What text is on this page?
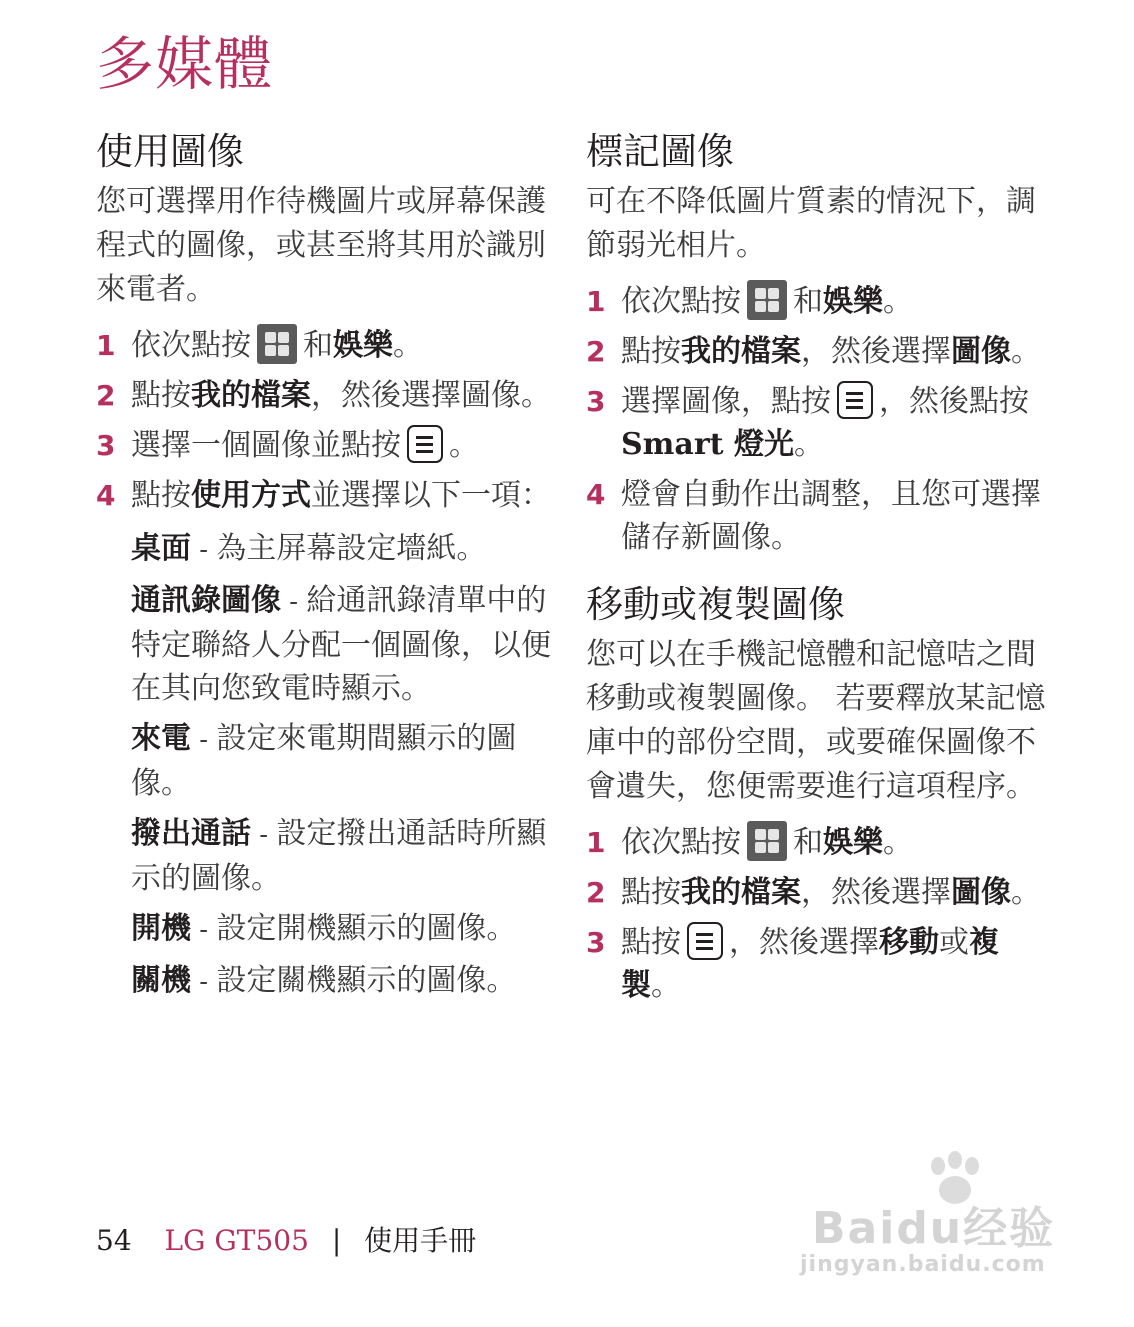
多媒體
使用圖像

您可選擇用作待機圖片或屏幕保護程式的圖像，或甚至將其用於識別來電者。

1 依次點按 和娛樂。
2 點按我的檔案，然後選擇圖像。
3 選擇一個圖像並點按 。
4 點按使用方式並選擇以下一項：
桌面 - 為主屏幕設定墻紙。
通訊錄圖像 - 給通訊錄清單中的特定聯絡人分配一個圖像，以便在其向您致電時顯示。
來電 - 設定來電期間顯示的圖像。
撥出通話 - 設定撥出通話時所顯示的圖像。
開機 - 設定開機顯示的圖像。
關機 - 設定關機顯示的圖像。
標記圖像

可在不降低圖片質素的情況下，調節弱光相片。

1 依次點按 和娛樂。
2 點按我的檔案，然後選擇圖像。
3 選擇圖像，點按 ，然後點按Smart 燈光。
4 燈會自動作出調整，且您可選擇儲存新圖像。
移動或複製圖像

您可以在手機記憶體和記憶咭之間移動或複製圖像。 若要釋放某記憶庫中的部份空間，或要確保圖像不會遺失，您便需要進行這項程序。

1 依次點按 和娛樂。
2 點按我的檔案，然後選擇圖像。
3 點按 ，然後選擇移動或複製。
54 LG GT505 | 使用手冊	Baidu经验
jingyan.baidu.com
